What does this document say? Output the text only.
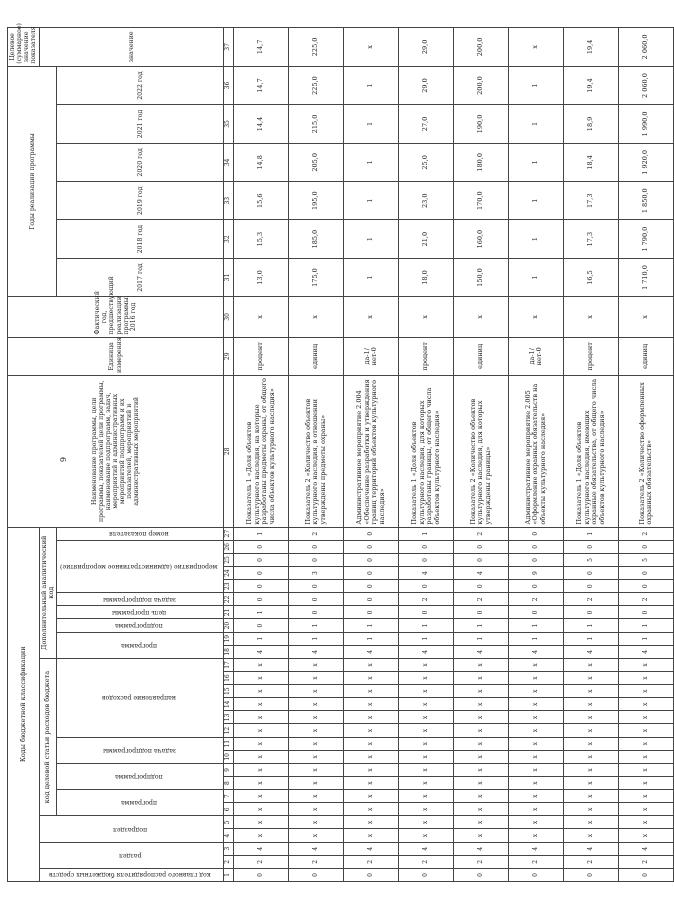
6
Коды бюджетной классификации																											Наименование программы, цели программы, показателей цели программы, наименование подпрограмм, задач, мероприятий и административных мероприятий подпрограмм и их показателей, мероприятий и административных мероприятий	Единица измерения	Фактический год, предшествующий реализации программы, 2016 год	Годы реализации программы						Целевое (суммарное) значение показателя
код главного распорядителя бюджетных средств	раздел		подраздел		код целевой статьи расходов бюджета												Дополнительный аналитический код																			значение
					программа		подпрограмма		задача подпрограммы		направление расходов						программа		подпрограмма	цель программы	задача подпрограммы	мероприятие (административное мероприятие)				номер показателя				2017 год	2018 год	2019 год	2020 год	2021 год	2022 год	
1	2	3	4	5	6	7	8	9	10	11	12	13	14	15	16	17	18	19	20	21	22	23	24	25	26	27	28	29	30	31	32	33	34	35	36	37
0	2	4	х	х	х	х	х	х	х	х	х	х	х	х	х	х	4	1	0	1	0	0	0	0	0	1	Показатель 1 «Доля объектов культурного наследия, на которые разработаны предметы охраны, от общего числа объектов культурного наследия»	процент	х	13,0	15,3	15,6	14,8	14,4	14,7	14,7
0	2	4	х	х	х	х	х	х	х	х	х	х	х	х	х	х	4	1	1	0	0	0	3	0	0	2	Показатель 2 «Количество объектов культурного наследия, в отношении утверждены предметы охраны»	единиц	х	175,0	185,0	195,0	205,0	215,0	225,0	225,0
0	2	4	х	х	х	х	х	х	х	х	х	х	х	х	х	х	4	1	1	0	0	0	0	0	0	0	Административное мероприятие 2.004 «Обеспечение разработки и утверждения границ территорий объектов культурного наследия»	да-1/нет-0	х	1	1	1	1	1	1	х
0	2	4	х	х	х	х	х	х	х	х	х	х	х	х	х	х	4	1	1	0	2	0	4	0	0	1	Показатель 1 «Доля объектов культурного наследия, для которых разработаны границы, от общего числа объектов культурного наследия»	процент	х	18,0	21,0	23,0	25,0	27,0	29,0	29,0
0	2	4	х	х	х	х	х	х	х	х	х	х	х	х	х	х	4	1	1	0	2	0	4	0	0	2	Показатель 2 «Количество объектов культурного наследия, для которых утверждены границы»	единиц	х	150,0	160,0	170,0	180,0	190,0	200,0	200,0
0	2	4	х	х	х	х	х	х	х	х	х	х	х	х	х	х	4	1	1	0	2	0	9	0	0	0	Административное мероприятие 2.005 «Оформление охранных обязательств на объекты культурного наследия»	да-1/нет-0	х	1	1	1	1	1	1	х
0	2	4	х	х	х	х	х	х	х	х	х	х	х	х	х	х	4	1	1	0	2	0	0	5	0	1	Показатель 1 «Доля объектов культурного наследия, имеющих охранные обязательства, от общего числа объектов культурного наследия»	процент	х	16,5	17,3	17,3	18,4	18,9	19,4	19,4
0	2	4	х	х	х	х	х	х	х	х	х	х	х	х	х	х	4	1	1	0	2	0	0	5	0	2	Показатель 2 «Количество оформленных охранных обязательств»	единиц	х	1 710,0	1 790,0	1 850,0	1 920,0	1 990,0	2 060,0	2 060,0
